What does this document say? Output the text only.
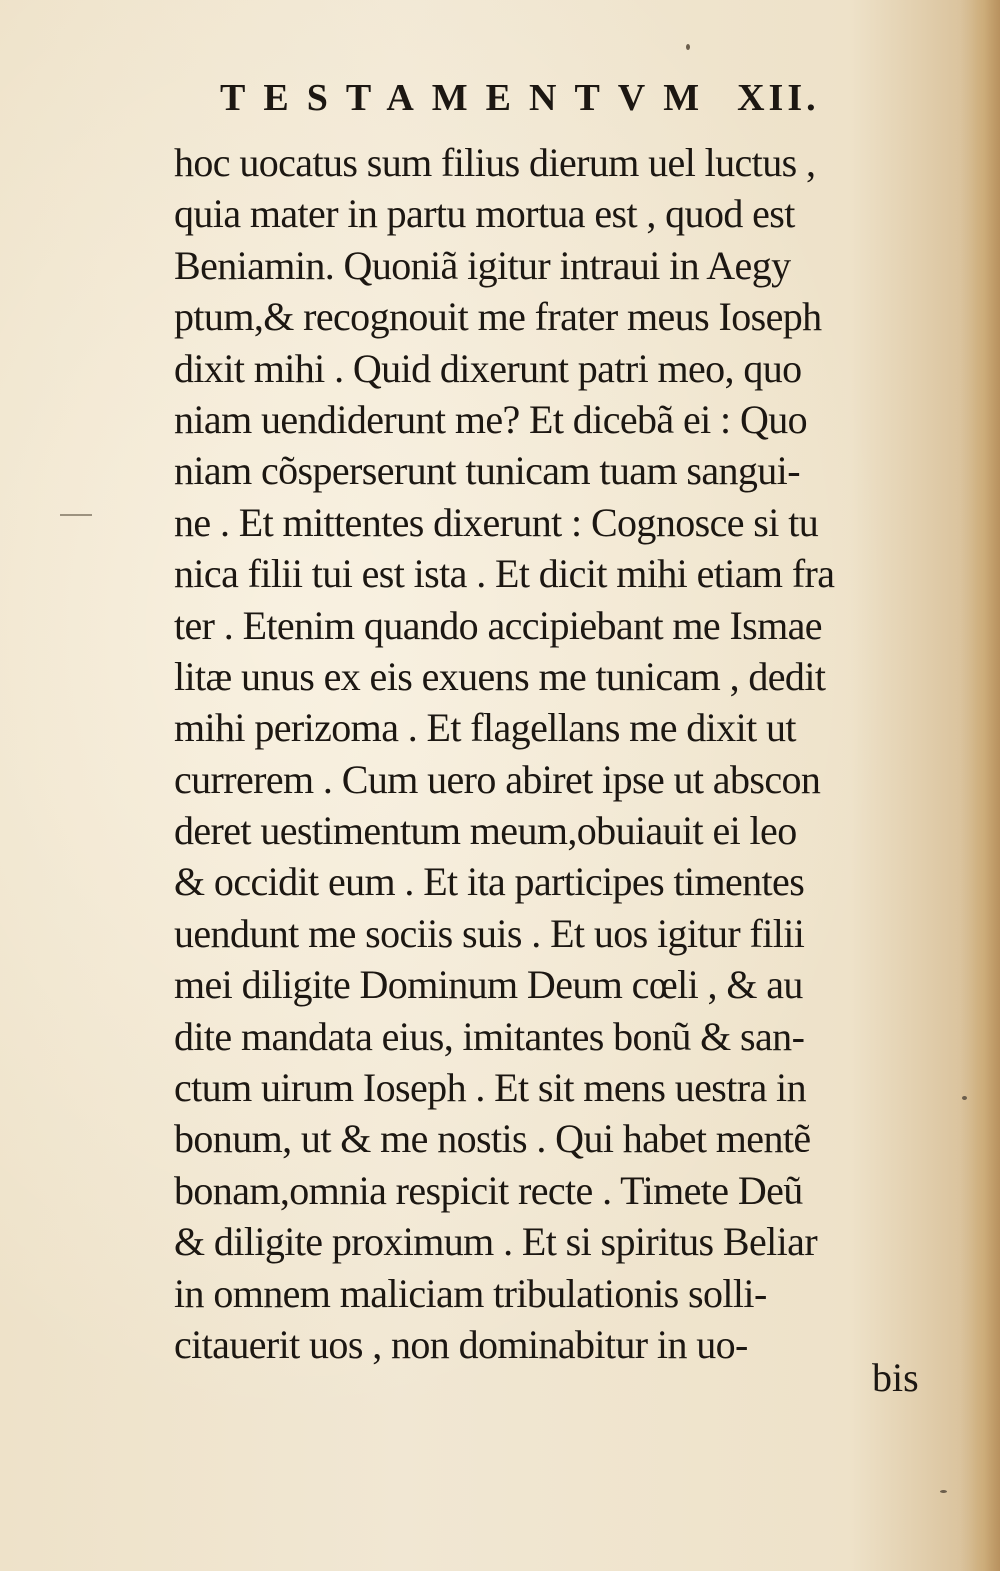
TESTAMENTVM XII.
hoc uocatus sum filius dierum uel luctus ,
quia mater in partu mortua est , quod est
Beniamin. Quoniã igitur intraui in Aegy
ptum,& recognouit me frater meus Ioseph
dixit mihi . Quid dixerunt patri meo, quo
niam uendiderunt me? Et dicebã ei : Quo
niam cõsperserunt tunicam tuam sangui-
ne . Et mittentes dixerunt : Cognosce si tu
nica filii tui est ista . Et dicit mihi etiam fra
ter . Etenim quando accipiebant me Ismae
litæ unus ex eis exuens me tunicam , dedit
mihi perizoma . Et flagellans me dixit ut
currerem . Cum uero abiret ipse ut abscon
deret uestimentum meum,obuiauit ei leo
& occidit eum . Et ita participes timentes
uendunt me sociis suis . Et uos igitur filii
mei diligite Dominum Deum cœli , & au
dite mandata eius, imitantes bonũ & san-
ctum uirum Ioseph . Et sit mens uestra in
bonum, ut & me nostis . Qui habet mentẽ
bonam,omnia respicit recte . Timete Deũ
& diligite proximum . Et si spiritus Beliar
in omnem maliciam tribulationis solli-
citauerit uos , non dominabitur in uo-
bis
